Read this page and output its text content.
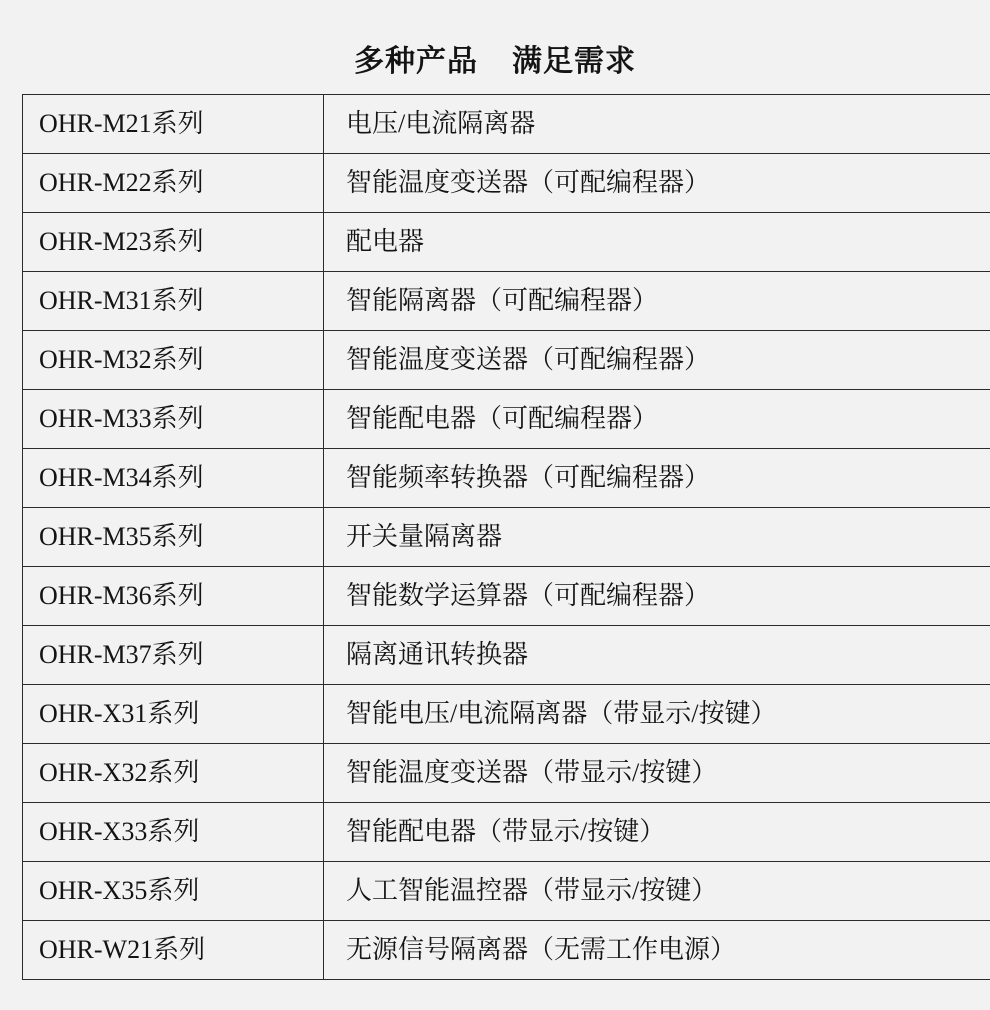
多种产品 满足需求
OHR-M21系列	电压/电流隔离器
OHR-M22系列	智能温度变送器（可配编程器）
OHR-M23系列	配电器
OHR-M31系列	智能隔离器（可配编程器）
OHR-M32系列	智能温度变送器（可配编程器）
OHR-M33系列	智能配电器（可配编程器）
OHR-M34系列	智能频率转换器（可配编程器）
OHR-M35系列	开关量隔离器
OHR-M36系列	智能数学运算器（可配编程器）
OHR-M37系列	隔离通讯转换器
OHR-X31系列	智能电压/电流隔离器（带显示/按键）
OHR-X32系列	智能温度变送器（带显示/按键）
OHR-X33系列	智能配电器（带显示/按键）
OHR-X35系列	人工智能温控器（带显示/按键）
OHR-W21系列	无源信号隔离器（无需工作电源）
